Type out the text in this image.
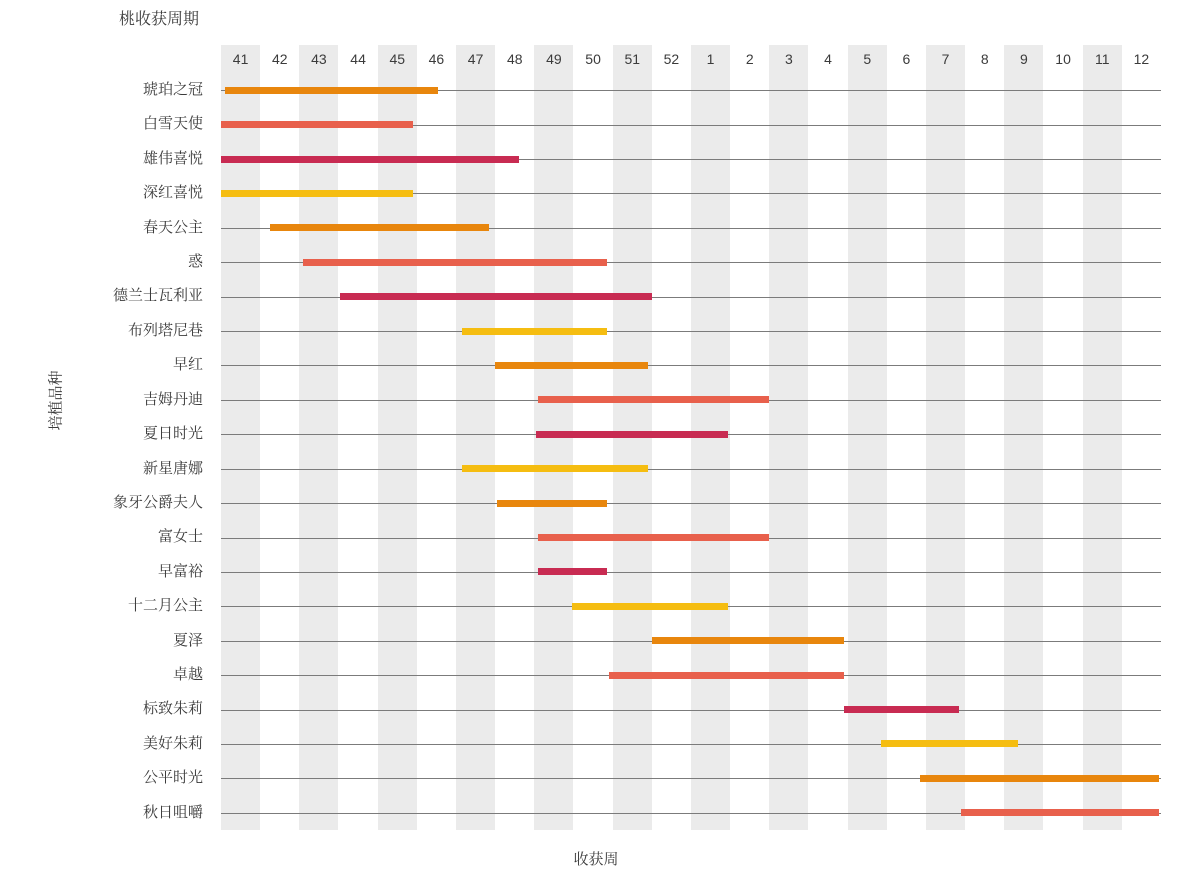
桃收获周期
培植品种
琥珀之冠
白雪天使
雄伟喜悦
深红喜悦
春天公主
惑
德兰士瓦利亚
布列塔尼巷
早红
吉姆丹迪
夏日时光
新星唐娜
象牙公爵夫人
富女士
早富裕
十二月公主
夏泽
卓越
标致朱莉
美好朱莉
公平时光
秋日咀嚼
41	42	43	44	45	46	47	48	49	50	51	52	1	2	3	4	5	6	7	8	9	10	11	12
收获周
